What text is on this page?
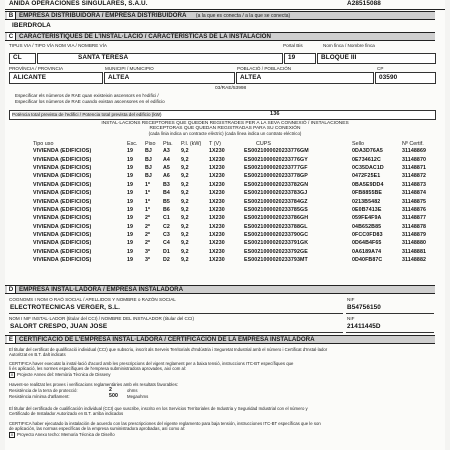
ANIDA OPERACIONES SINGULARES, S.A.U.	A28515088
B EMPRESA DISTRIBUIDORA / EMPRESA DISTRIBUIDORA (a la que es conecta / a la que se conecta)
IBERDROLA
C CARACTERÍSTIQUES DE L'INSTAL·LACIÓ / CARACTERÍSTICAS DE LA INSTALACIÓN
TIPUS VIA / TIPO VÍA NOM VIA / NOMBRE VÍA	Portal Bis	Nom finca / Nombre finca
CL	SANTA TERESA	19	BLOQUE III
PROVÍNCIA / PROVINCIA	MUNICIPI / MUNICIPIO	POBLACIÓ / POBLACIÓN	CP
ALICANTE	ALTEA	ALTEA	03590
03/RAE/53998
Especificar els números de RAE quan existeixin ascensors en l'edifici /
Especificar los números de RAE cuando existan ascensores en el edificio
Potència total prevista de l'edifici / Potencia total prevista del edificio (kW)	136
INSTAL·LACIONS RECEPTORES QUE QUEDEN REGISTRADES PER A LA SEVA CONNEXIÓ / INSTALACIONES
RECEPTORAS QUE QUEDAN REGISTRADAS PARA SU CONEXIÓN
(cada línia indica un contracte elèctric) (cada línea indica un contrato eléctrico)
Tipo uso	Esc.	Piso	Pta.	P.I. (kW)	T (V)	CUPS	Sello	Nº Certif.
VIVIENDA (EDIFICIOS)	19	BJ	A3	9,2	1X230	ES0021000020233776GM	0DA3D76A5	31148869
VIVIENDA (EDIFICIOS)	19	BJ	A4	9,2	1X230	ES0021000020233776GY	0E734612C	31148870
VIVIENDA (EDIFICIOS)	19	BJ	A5	9,2	1X230	ES0021000020233777GF	0C35DAC1D	31148871
VIVIENDA (EDIFICIOS)	19	BJ	A6	9,2	1X230	ES0021000020233778GP	0472F25E1	31148872
VIVIENDA (EDIFICIOS)	19	1º	B3	9,2	1X230	ES0021000020233782GN	0BA5E9DD4	31148873
VIVIENDA (EDIFICIOS)	19	1º	B4	9,2	1X230	ES0021000020233783GJ	0FB8855BE	31148874
VIVIENDA (EDIFICIOS)	19	1º	B5	9,2	1X230	ES0021000020233784GZ	0213B5482	31148875
VIVIENDA (EDIFICIOS)	19	1º	B6	9,2	1X230	ES0021000020233785GS	0E0B7413E	31148876
VIVIENDA (EDIFICIOS)	19	2º	C1	9,2	1X230	ES0021000020233786GH	059FE4F9A	31148877
VIVIENDA (EDIFICIOS)	19	2º	C2	9,2	1X230	ES0021000020233788GL	04B652B85	31148878
VIVIENDA (EDIFICIOS)	19	2º	C3	9,2	1X230	ES0021000020233790GC	0FCC0FD83	31148879
VIVIENDA (EDIFICIOS)	19	2º	C4	9,2	1X230	ES0021000020233791GK	0D64B4F65	31148880
VIVIENDA (EDIFICIOS)	19	3º	D1	9,2	1X230	ES0021000020233792GE	0A6189A74	31148881
VIVIENDA (EDIFICIOS)	19	3º	D2	9,2	1X230	ES0021000020233793MT	0D40FB87C	31148882
D EMPRESA INSTAL·LADORA / EMPRESA INSTALADORA
COGNOMS I NOM O RAÓ SOCIAL / APELLIDOS Y NOMBRE o RAZÓN SOCIAL	NIF
ELECTROTECNICAS VERGER, S.L.	B54756150
NOM I NIF INSTAL·LADOR (titular del CCI) / NOMBRE DEL INSTALADOR (titular del CCI)	NIF
SALORT CRESPO, JUAN JOSE	21411445D
E CERTIFICACIÓ DE L'EMPRESA INSTAL·LADORA / CERTIFICACIÓN DE LA EMPRESA INSTALADORA
El titular del certificat de qualificació individual (CCI) que subscriu, inscrit als Serveis Territorials d'Indústria i Seguretat Industrial amb el número i Certificat d'Instal·lador
Autoritzat en B.T. dalt indicats
CERTIFICA haver executat la instal·lació d'acord amb les prescripcions del vigent reglament per a baixa tensió, instruccions ITC-BT específiques que
li és aplicació, les normes específiques de l'empresa subministradora aprovades, així com al:
X Projecte Annex del: Memòria Tècnica de Disseny
Havent-se realitzat les proves i verificacions reglamentàries amb els resultats favorables:
Resistència de la terra de protecció:	2	ohms
Resistència mínima d'aïllament:	500 Megaohms
El titular del certificado de cualificación individual (CCI) que suscribe, inscrito en los Servicios Territoriales de Industria y Seguridad Industrial con el número y
Certificado de Instalador Autorizado en B.T. arriba indicados
CERTIFICA haber ejecutado la instalación de acuerdo con las prescripciones del vigente reglamento para baja tensión, instrucciones ITC-BT específicas que le son
de aplicación, las normas específicas de la empresa suministradora aprobadas, así como al:
X Proyecto Anexo techo: Memoria Técnica de Diseño
